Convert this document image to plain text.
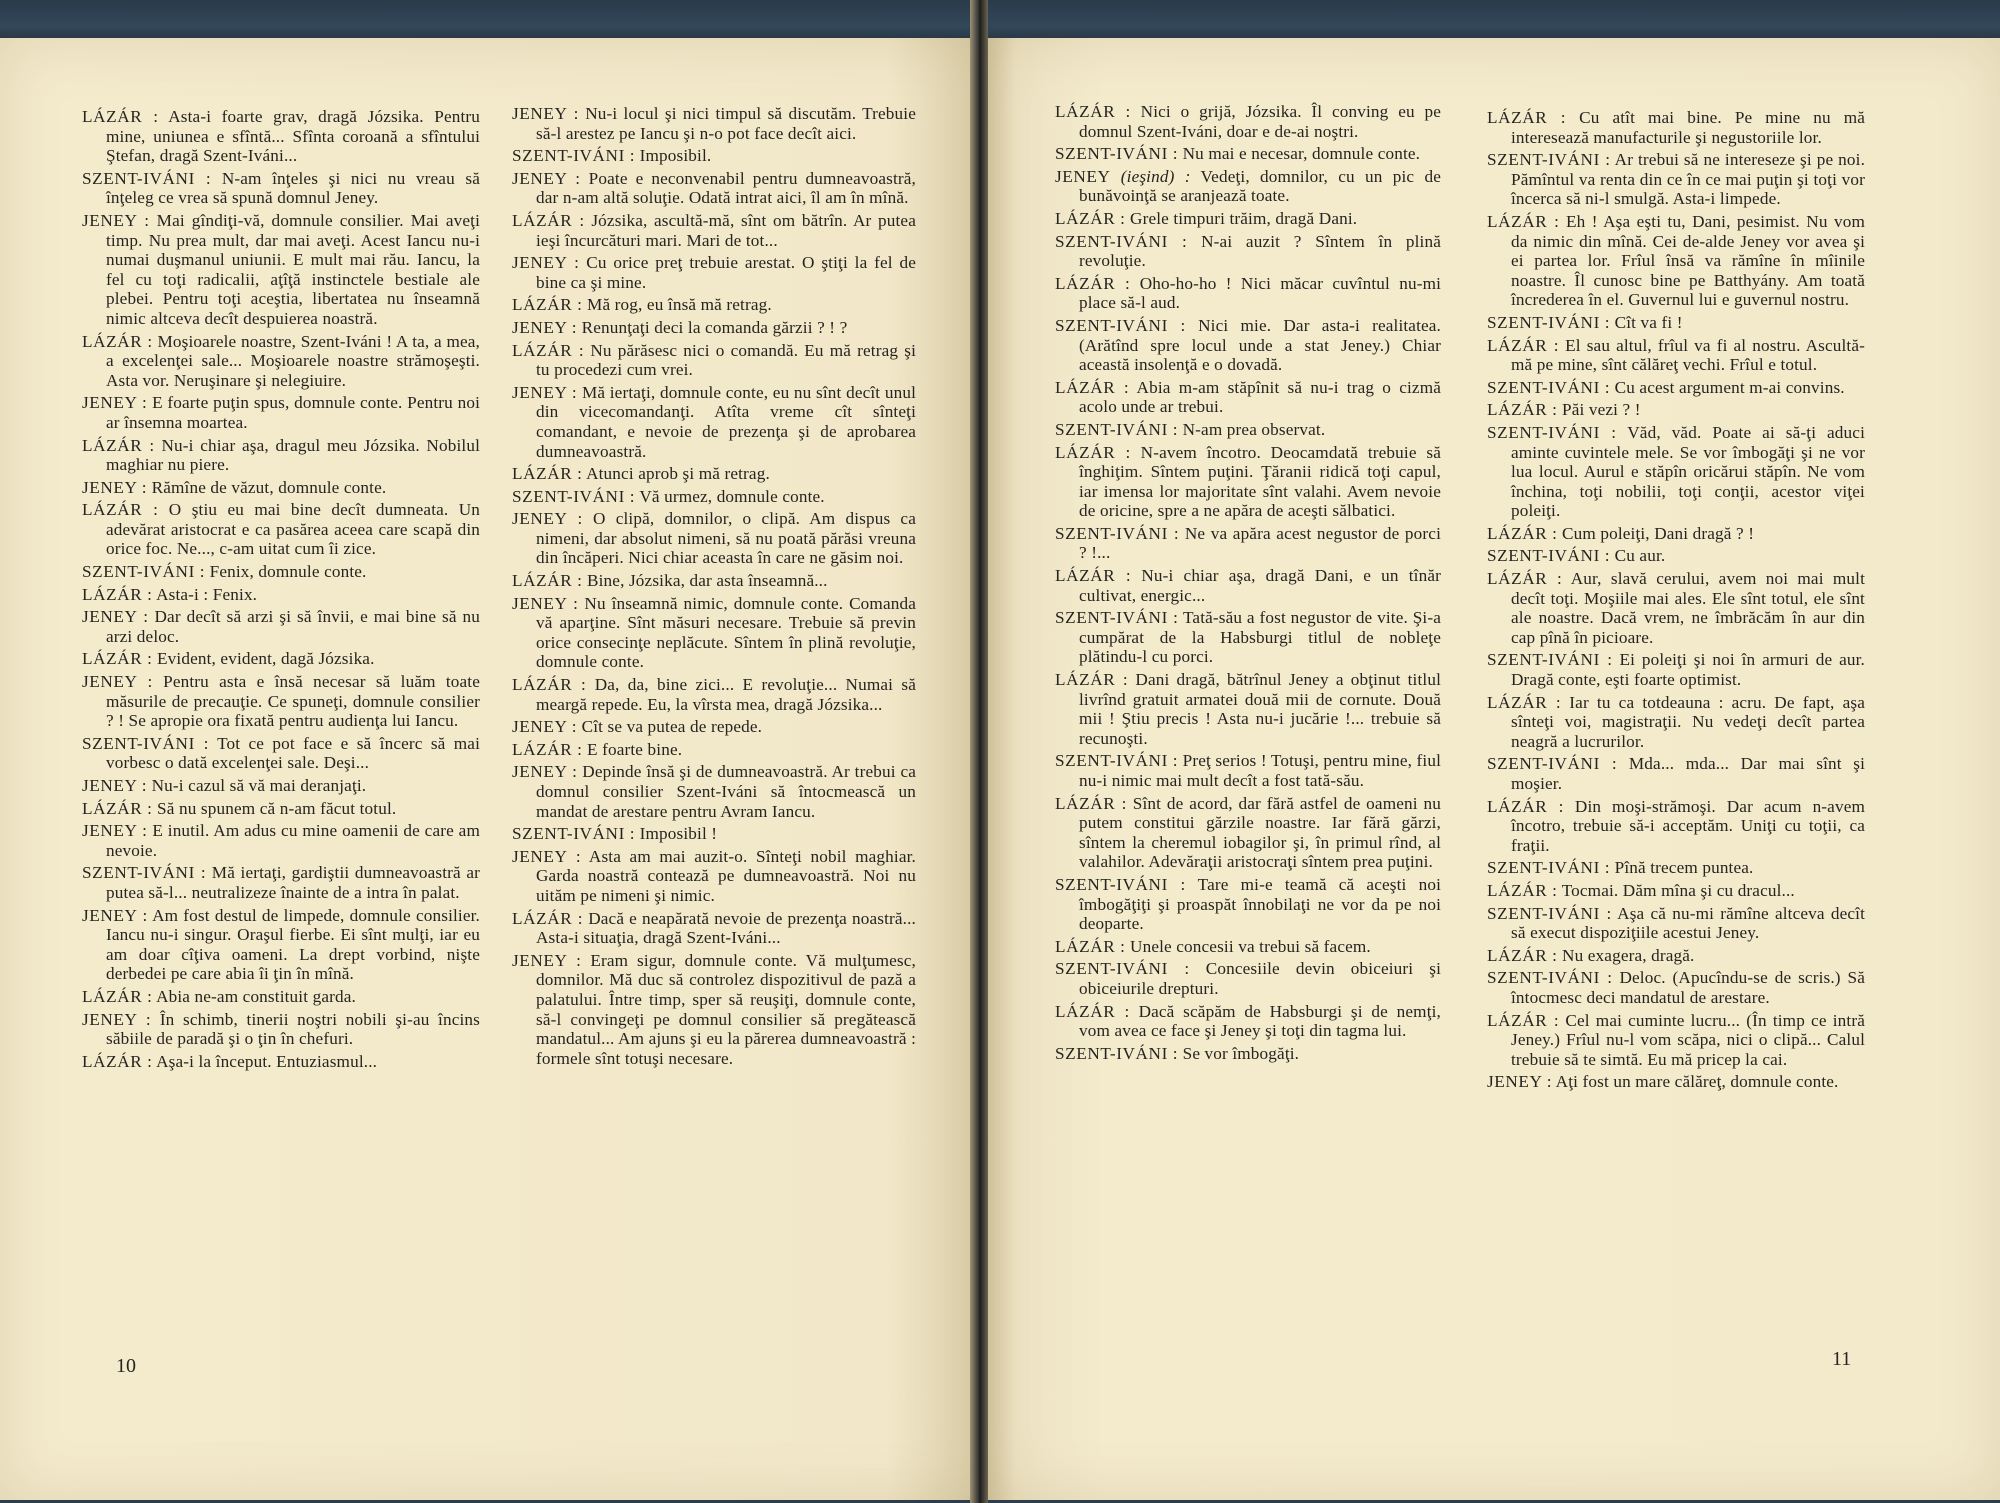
LÁZÁR : Asta-i foarte grav, dragă Józsika. Pentru mine, uniunea e sfîntă... Sfînta coroană a sfîntului Ştefan, dragă Szent-Iváni...

SZENT-IVÁNI : N-am înţeles şi nici nu vreau să înţeleg ce vrea să spună domnul Jeney.

JENEY : Mai gîndiţi-vă, domnule consilier. Mai aveţi timp. Nu prea mult, dar mai aveţi. Acest Iancu nu-i numai duşmanul uniunii. E mult mai rău. Iancu, la fel cu toţi radicalii, aţîţă instinctele bestiale ale plebei. Pentru toţi aceştia, libertatea nu înseamnă nimic altceva decît despuierea noastră.

LÁZÁR : Moşioarele noastre, Szent-Iváni ! A ta, a mea, a excelenţei sale... Moşioarele noastre strămoşeşti. Asta vor. Neruşinare şi nelegiuire.

JENEY : E foarte puţin spus, domnule conte. Pentru noi ar însemna moartea.

LÁZÁR : Nu-i chiar aşa, dragul meu Józsika. Nobilul maghiar nu piere.

JENEY : Rămîne de văzut, domnule conte.

LÁZÁR : O ştiu eu mai bine decît dumneata. Un adevărat aristocrat e ca pasărea aceea care scapă din orice foc. Ne..., c-am uitat cum îi zice.

SZENT-IVÁNI : Fenix, domnule conte.

LÁZÁR : Asta-i : Fenix.

JENEY : Dar decît să arzi şi să învii, e mai bine să nu arzi deloc.

LÁZÁR : Evident, evident, dagă Józsika.

JENEY : Pentru asta e însă necesar să luăm toate măsurile de precauţie. Ce spuneţi, domnule consilier ? ! Se apropie ora fixată pentru audienţa lui Iancu.

SZENT-IVÁNI : Tot ce pot face e să încerc să mai vorbesc o dată excelenţei sale. Deşi...

JENEY : Nu-i cazul să vă mai deranjaţi.

LÁZÁR : Să nu spunem că n-am făcut totul.

JENEY : E inutil. Am adus cu mine oamenii de care am nevoie.

SZENT-IVÁNI : Mă iertaţi, gardiştii dumneavoastră ar putea să-l... neutralizeze înainte de a intra în palat.

JENEY : Am fost destul de limpede, domnule consilier. Iancu nu-i singur. Oraşul fierbe. Ei sînt mulţi, iar eu am doar cîţiva oameni. La drept vorbind, nişte derbedei pe care abia îi ţin în mînă.

LÁZÁR : Abia ne-am constituit garda.

JENEY : În schimb, tinerii noştri nobili şi-au încins săbiile de paradă şi o ţin în chefuri.

LÁZÁR : Aşa-i la început. Entuziasmul...

JENEY : Nu-i locul şi nici timpul să discutăm. Trebuie să-l arestez pe Iancu şi n-o pot face decît aici.

SZENT-IVÁNI : Imposibil.

JENEY : Poate e neconvenabil pentru dumneavoastră, dar n-am altă soluţie. Odată intrat aici, îl am în mînă.

LÁZÁR : Józsika, ascultă-mă, sînt om bătrîn. Ar putea ieşi încurcături mari. Mari de tot...

JENEY : Cu orice preţ trebuie arestat. O ştiţi la fel de bine ca şi mine.

LÁZÁR : Mă rog, eu însă mă retrag.

JENEY : Renunţaţi deci la comanda gărzii ? ! ?

LÁZÁR : Nu părăsesc nici o comandă. Eu mă retrag şi tu procedezi cum vrei.

JENEY : Mă iertaţi, domnule conte, eu nu sînt decît unul din vicecomandanţi. Atîta vreme cît sînteţi comandant, e nevoie de prezenţa şi de aprobarea dumneavoastră.

LÁZÁR : Atunci aprob şi mă retrag.

SZENT-IVÁNI : Vă urmez, domnule conte.

JENEY : O clipă, domnilor, o clipă. Am dispus ca nimeni, dar absolut nimeni, să nu poată părăsi vreuna din încăperi. Nici chiar aceasta în care ne găsim noi.

LÁZÁR : Bine, Józsika, dar asta înseamnă...

JENEY : Nu înseamnă nimic, domnule conte. Comanda vă aparţine. Sînt măsuri necesare. Trebuie să previn orice consecinţe neplăcute. Sîntem în plină revoluţie, domnule conte.

LÁZÁR : Da, da, bine zici... E revoluţie... Numai să meargă repede. Eu, la vîrsta mea, dragă Józsika...

JENEY : Cît se va putea de repede.

LÁZÁR : E foarte bine.

JENEY : Depinde însă şi de dumneavoastră. Ar trebui ca domnul consilier Szent-Iváni să întocmească un mandat de arestare pentru Avram Iancu.

SZENT-IVÁNI : Imposibil !

JENEY : Asta am mai auzit-o. Sînteţi nobil maghiar. Garda noastră contează pe dumneavoastră. Noi nu uităm pe nimeni şi nimic.

LÁZÁR : Dacă e neapărată nevoie de prezenţa noastră... Asta-i situaţia, dragă Szent-Iváni...

JENEY : Eram sigur, domnule conte. Vă mulţumesc, domnilor. Mă duc să controlez dispozitivul de pază a palatului. Între timp, sper să reuşiţi, domnule conte, să-l convingeţi pe domnul consilier să pregătească mandatul... Am ajuns şi eu la părerea dumneavoastră : formele sînt totuşi necesare.

10

LÁZÁR : Nici o grijă, Józsika. Îl conving eu pe domnul Szent-Iváni, doar e de-ai noştri.

SZENT-IVÁNI : Nu mai e necesar, domnule conte.

JENEY (ieşind) : Vedeţi, domnilor, cu un pic de bunăvoinţă se aranjează toate.

LÁZÁR : Grele timpuri trăim, dragă Dani.

SZENT-IVÁNI : N-ai auzit ? Sîntem în plină revoluţie.

LÁZÁR : Oho-ho-ho ! Nici măcar cuvîntul nu-mi place să-l aud.

SZENT-IVÁNI : Nici mie. Dar asta-i realitatea. (Arătînd spre locul unde a stat Jeney.) Chiar această insolenţă e o dovadă.

LÁZÁR : Abia m-am stăpînit să nu-i trag o cizmă acolo unde ar trebui.

SZENT-IVÁNI : N-am prea observat.

LÁZÁR : N-avem încotro. Deocamdată trebuie să înghiţim. Sîntem puţini. Ţăranii ridică toţi capul, iar imensa lor majoritate sînt valahi. Avem nevoie de oricine, spre a ne apăra de aceşti sălbatici.

SZENT-IVÁNI : Ne va apăra acest negustor de porci ? !...

LÁZÁR : Nu-i chiar aşa, dragă Dani, e un tînăr cultivat, energic...

SZENT-IVÁNI : Tată-său a fost negustor de vite. Şi-a cumpărat de la Habsburgi titlul de nobleţe plătindu-l cu porci.

LÁZÁR : Dani dragă, bătrînul Jeney a obţinut titlul livrînd gratuit armatei două mii de cornute. Două mii ! Ştiu precis ! Asta nu-i jucărie !... trebuie să recunoşti.

SZENT-IVÁNI : Preţ serios ! Totuşi, pentru mine, fiul nu-i nimic mai mult decît a fost tată-său.

LÁZÁR : Sînt de acord, dar fără astfel de oameni nu putem constitui gărzile noastre. Iar fără gărzi, sîntem la cheremul iobagilor şi, în primul rînd, al valahilor. Adevăraţii aristocraţi sîntem prea puţini.

SZENT-IVÁNI : Tare mi-e teamă că aceşti noi îmbogăţiţi şi proaspăt înnobilaţi ne vor da pe noi deoparte.

LÁZÁR : Unele concesii va trebui să facem.

SZENT-IVÁNI : Concesiile devin obiceiuri şi obiceiurile drepturi.

LÁZÁR : Dacă scăpăm de Habsburgi şi de nemţi, vom avea ce face şi Jeney şi toţi din tagma lui.

SZENT-IVÁNI : Se vor îmbogăţi.

LÁZÁR : Cu atît mai bine. Pe mine nu mă interesează manufacturile şi negustoriile lor.

SZENT-IVÁNI : Ar trebui să ne intereseze şi pe noi. Pămîntul va renta din ce în ce mai puţin şi toţi vor încerca să ni-l smulgă. Asta-i limpede.

LÁZÁR : Eh ! Aşa eşti tu, Dani, pesimist. Nu vom da nimic din mînă. Cei de-alde Jeney vor avea şi ei partea lor. Frîul însă va rămîne în mîinile noastre. Îl cunosc bine pe Batthyány. Am toată încrederea în el. Guvernul lui e guvernul nostru.

SZENT-IVÁNI : Cît va fi !

LÁZÁR : El sau altul, frîul va fi al nostru. Ascultă-mă pe mine, sînt călăreţ vechi. Frîul e totul.

SZENT-IVÁNI : Cu acest argument m-ai convins.

LÁZÁR : Păi vezi ? !

SZENT-IVÁNI : Văd, văd. Poate ai să-ţi aduci aminte cuvintele mele. Se vor îmbogăţi şi ne vor lua locul. Aurul e stăpîn oricărui stăpîn. Ne vom închina, toţi nobilii, toţi conţii, acestor viţei poleiţi.

LÁZÁR : Cum poleiţi, Dani dragă ? !

SZENT-IVÁNI : Cu aur.

LÁZÁR : Aur, slavă cerului, avem noi mai mult decît toţi. Moşiile mai ales. Ele sînt totul, ele sînt ale noastre. Dacă vrem, ne îmbrăcăm în aur din cap pînă în picioare.

SZENT-IVÁNI : Ei poleiţi şi noi în armuri de aur. Dragă conte, eşti foarte optimist.

LÁZÁR : Iar tu ca totdeauna : acru. De fapt, aşa sînteţi voi, magistraţii. Nu vedeţi decît partea neagră a lucrurilor.

SZENT-IVÁNI : Mda... mda... Dar mai sînt şi moşier.

LÁZÁR : Din moşi-strămoşi. Dar acum n-avem încotro, trebuie să-i acceptăm. Uniţi cu toţii, ca fraţii.

SZENT-IVÁNI : Pînă trecem puntea.

LÁZÁR : Tocmai. Dăm mîna şi cu dracul...

SZENT-IVÁNI : Aşa că nu-mi rămîne altceva decît să execut dispoziţiile acestui Jeney.

LÁZÁR : Nu exagera, dragă.

SZENT-IVÁNI : Deloc. (Apucîndu-se de scris.) Să întocmesc deci mandatul de arestare.

LÁZÁR : Cel mai cuminte lucru... (În timp ce intră Jeney.) Frîul nu-l vom scăpa, nici o clipă... Calul trebuie să te simtă. Eu mă pricep la cai.

JENEY : Aţi fost un mare călăreţ, domnule conte.

11
